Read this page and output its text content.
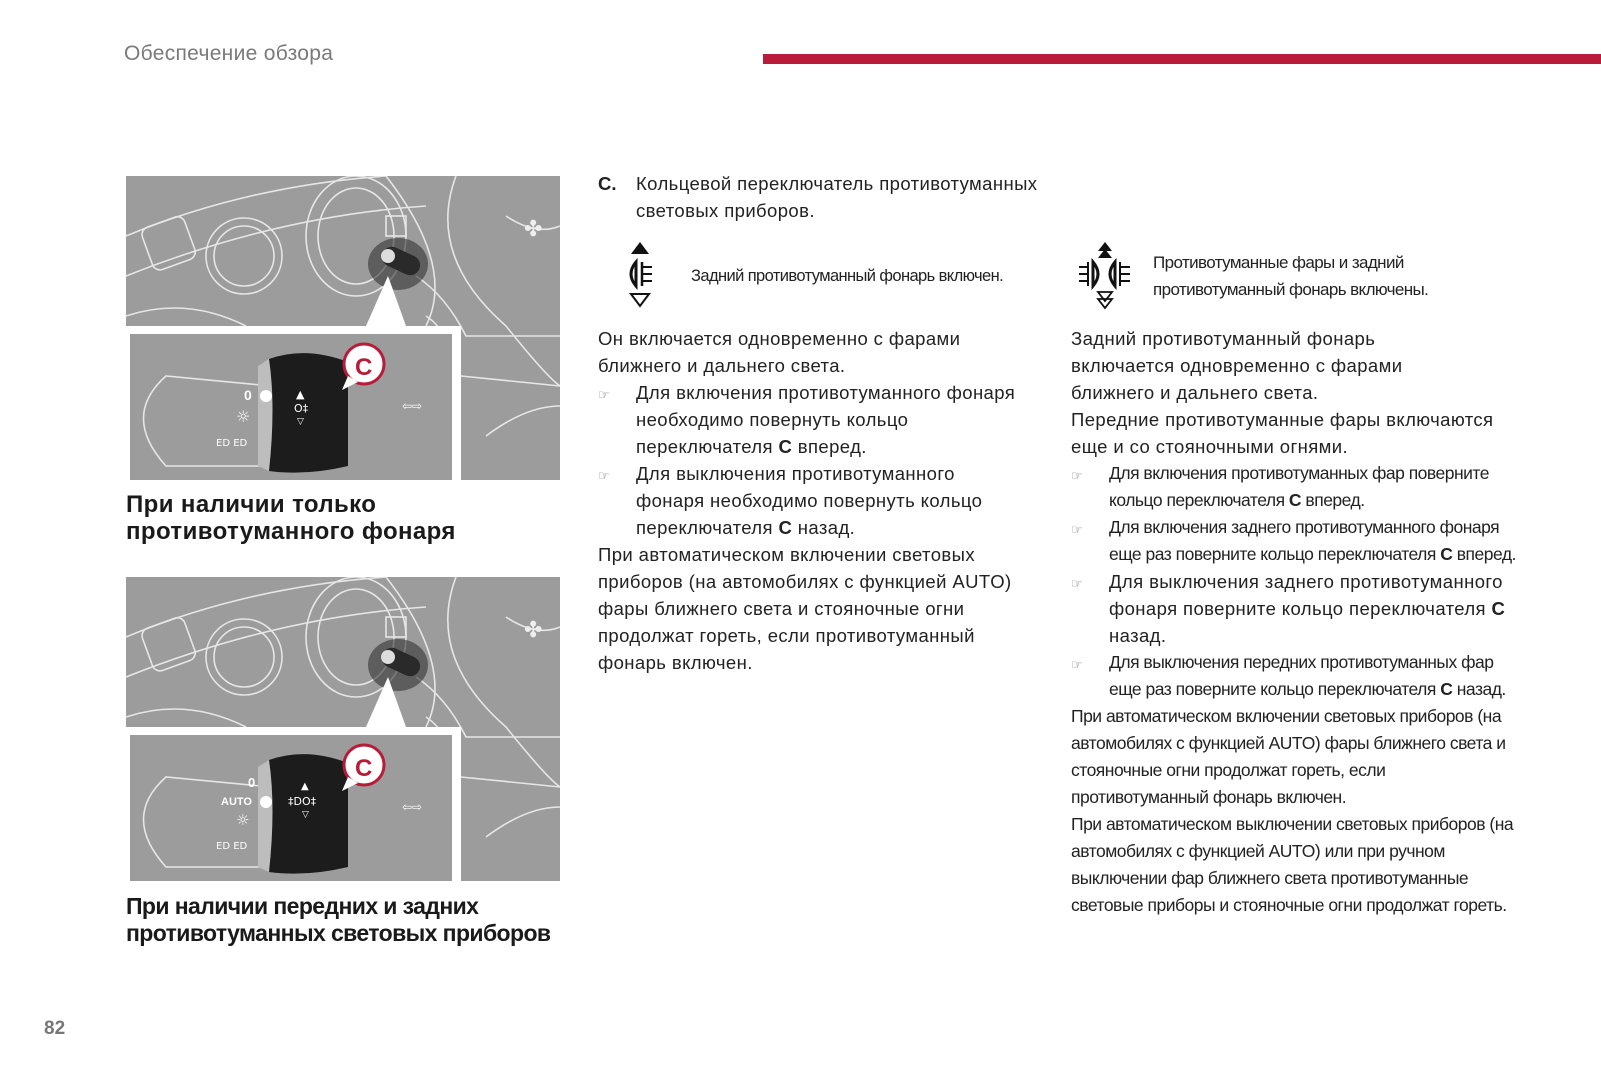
Обеспечение обзора
✤
0
☼
ED ED
▲
O‡
▽
⇦⇨
C
При наличии только противотуманного фонаря
✤
0
AUTO
☼
ED ED
▲
‡DO‡
▽
⇦⇨
C
При наличии передних и задних противотуманных световых приборов
C.	Кольцевой переключатель противотуманных световых приборов.
Задний противотуманный фонарь включен.
Он включается одновременно с фарами ближнего и дальнего света.
☞	Для включения противотуманного фонаря необходимо повернуть кольцо переключателя C вперед.
☞	Для выключения противотуманного фонаря необходимо повернуть кольцо переключателя C назад.
При автоматическом включении световых приборов (на автомобилях с функцией AUTO) фары ближнего света и стояночные огни продолжат гореть, если противотуманный фонарь включен.
Противотуманные фары и задний противотуманный фонарь включены.
Задний противотуманный фонарь включается одновременно с фарами ближнего и дальнего света.
Передние противотуманные фары включаются еще и со стояночными огнями.
☞	Для включения противотуманных фар поверните кольцо переключателя C вперед.
☞	Для включения заднего противотуманного фонаря еще раз поверните кольцо переключателя C вперед.
☞	Для выключения заднего противотуманного фонаря поверните кольцо переключателя C назад.
☞	Для выключения передних противотуманных фар еще раз поверните кольцо переключателя C назад.
При автоматическом включении световых приборов (на автомобилях с функцией AUTO) фары ближнего света и стояночные огни продолжат гореть, если противотуманный фонарь включен.
При автоматическом выключении световых приборов (на автомобилях с функцией AUTO) или при ручном выключении фар ближнего света противотуманные световые приборы и стояночные огни продолжат гореть.
82
